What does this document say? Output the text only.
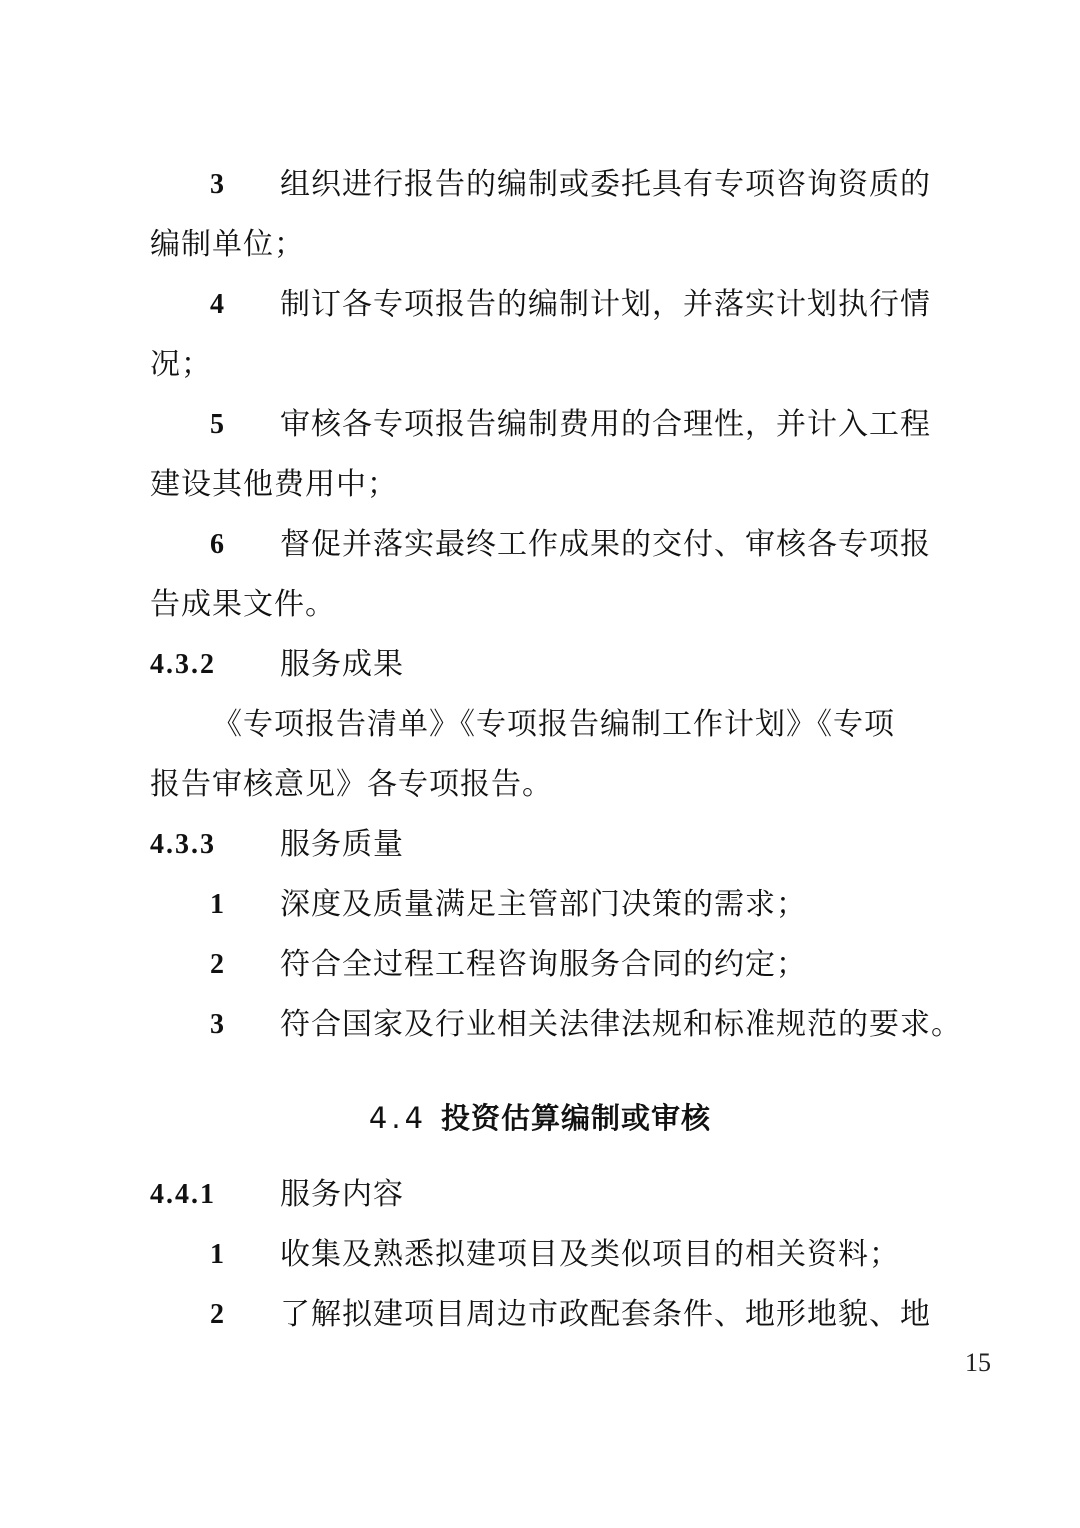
3 组织进行报告的编制或委托具有专项咨询资质的
编制单位；
4 制订各专项报告的编制计划，并落实计划执行情
况；
5 审核各专项报告编制费用的合理性，并计入工程
建设其他费用中；
6 督促并落实最终工作成果的交付、审核各专项报
告成果文件。
4.3.2 服务成果
《专项报告清单》《专项报告编制工作计划》《专项
报告审核意见》各专项报告。
4.3.3 服务质量
1 深度及质量满足主管部门决策的需求；
2 符合全过程工程咨询服务合同的约定；
3 符合国家及行业相关法律法规和标准规范的要求。
4.4 投资估算编制或审核
4.4.1 服务内容
1 收集及熟悉拟建项目及类似项目的相关资料；
2 了解拟建项目周边市政配套条件、地形地貌、地
15
